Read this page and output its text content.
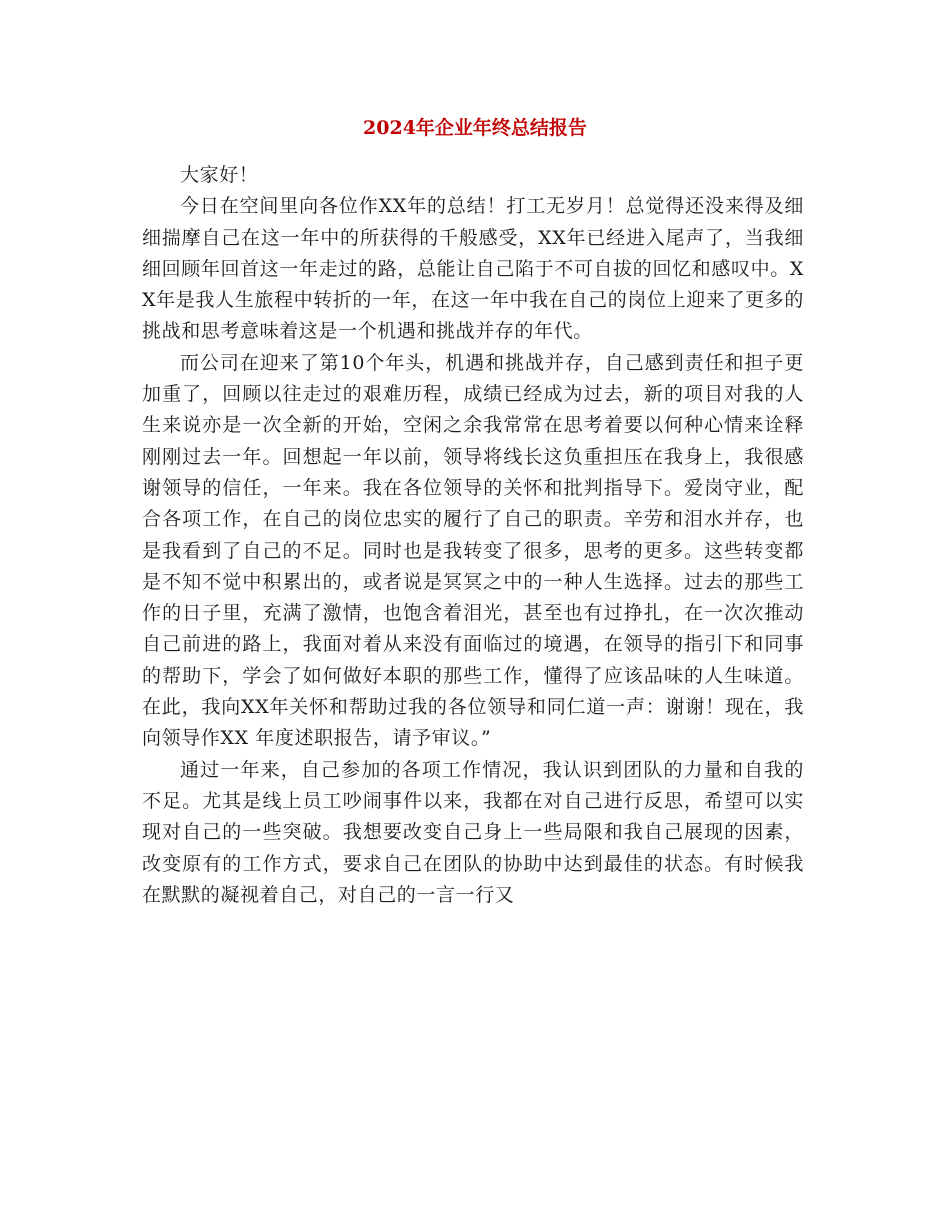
2024年企业年终总结报告

大家好！

今日在空间里向各位作XX年的总结！打工无岁月！总觉得还没来得及细细揣摩自己在这一年中的所获得的千般感受，XX年已经进入尾声了，当我细细回顾年回首这一年走过的路，总能让自己陷于不可自拔的回忆和感叹中。XX年是我人生旅程中转折的一年，在这一年中我在自己的岗位上迎来了更多的挑战和思考意味着这是一个机遇和挑战并存的年代。

而公司在迎来了第10个年头，机遇和挑战并存，自己感到责任和担子更加重了，回顾以往走过的艰难历程，成绩已经成为过去，新的项目对我的人生来说亦是一次全新的开始，空闲之余我常常在思考着要以何种心情来诠释刚刚过去一年。回想起一年以前，领导将线长这负重担压在我身上，我很感谢领导的信任，一年来。我在各位领导的关怀和批判指导下。爱岗守业，配合各项工作，在自己的岗位忠实的履行了自己的职责。辛劳和泪水并存，也是我看到了自己的不足。同时也是我转变了很多，思考的更多。这些转变都是不知不觉中积累出的，或者说是冥冥之中的一种人生选择。过去的那些工作的日子里，充满了激情，也饱含着泪光，甚至也有过挣扎，在一次次推动自己前进的路上，我面对着从来没有面临过的境遇，在领导的指引下和同事的帮助下，学会了如何做好本职的那些工作，懂得了应该品味的人生味道。在此，我向XX年关怀和帮助过我的各位领导和同仁道一声：谢谢！现在，我向领导作XX 年度述职报告，请予审议。”

通过一年来，自己参加的各项工作情况，我认识到团队的力量和自我的不足。尤其是线上员工吵闹事件以来，我都在对自己进行反思，希望可以实现对自己的一些突破。我想要改变自己身上一些局限和我自己展现的因素，改变原有的工作方式，要求自己在团队的协助中达到最佳的状态。有时候我在默默的凝视着自己，对自己的一言一行又
